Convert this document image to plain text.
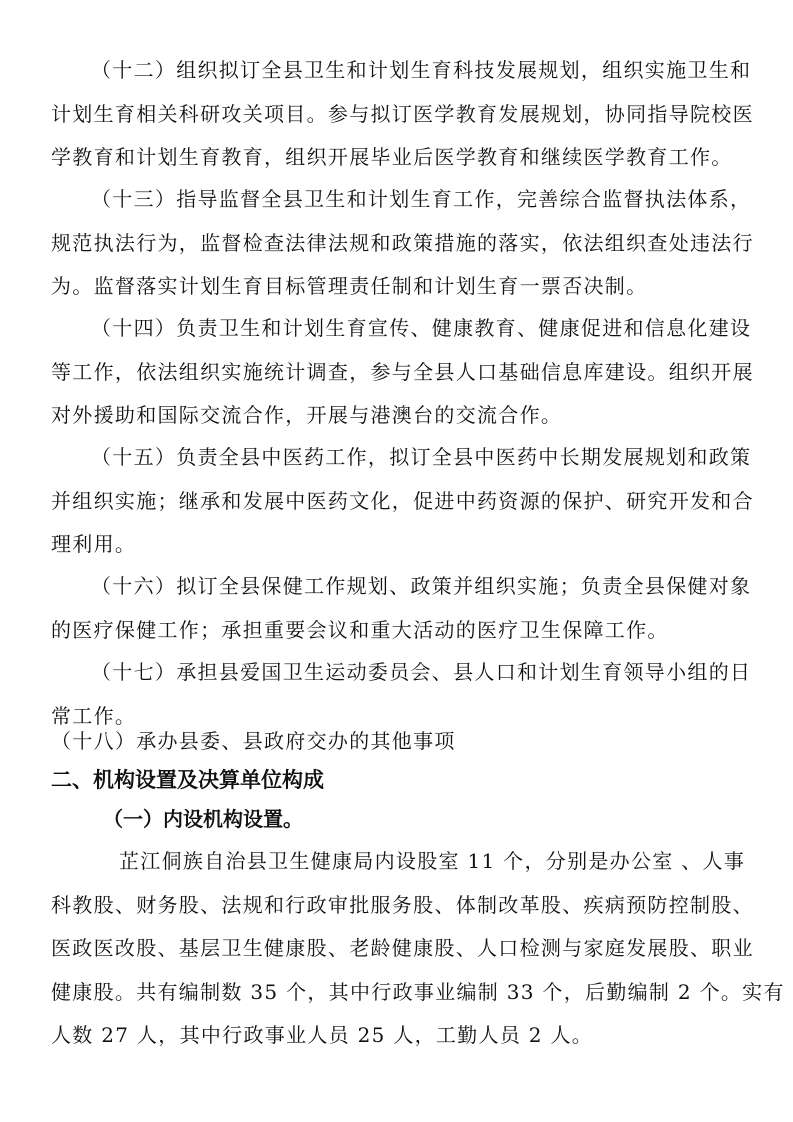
（十二）组织拟订全县卫生和计划生育科技发展规划，组织实施卫生和
计划生育相关科研攻关项目。参与拟订医学教育发展规划，协同指导院校医
学教育和计划生育教育，组织开展毕业后医学教育和继续医学教育工作。

（十三）指导监督全县卫生和计划生育工作，完善综合监督执法体系，
规范执法行为，监督检查法律法规和政策措施的落实，依法组织查处违法行
为。监督落实计划生育目标管理责任制和计划生育一票否决制。

（十四）负责卫生和计划生育宣传、健康教育、健康促进和信息化建设
等工作，依法组织实施统计调查，参与全县人口基础信息库建设。组织开展
对外援助和国际交流合作，开展与港澳台的交流合作。

（十五）负责全县中医药工作，拟订全县中医药中长期发展规划和政策
并组织实施；继承和发展中医药文化，促进中药资源的保护、研究开发和合
理利用。

（十六）拟订全县保健工作规划、政策并组织实施；负责全县保健对象
的医疗保健工作；承担重要会议和重大活动的医疗卫生保障工作。

（十七）承担县爱国卫生运动委员会、县人口和计划生育领导小组的日
常工作。

（十八）承办县委、县政府交办的其他事项

二、机构设置及决算单位构成
（一）内设机构设置。

芷江侗族自治县卫生健康局内设股室 11 个，分别是办公室 、人事
科教股、财务股、法规和行政审批服务股、体制改革股、疾病预防控制股、
医政医改股、基层卫生健康股、老龄健康股、人口检测与家庭发展股、职业
健康股。共有编制数 35 个，其中行政事业编制 33 个，后勤编制 2 个。实有
人数 27 人，其中行政事业人员 25 人，工勤人员 2 人。
